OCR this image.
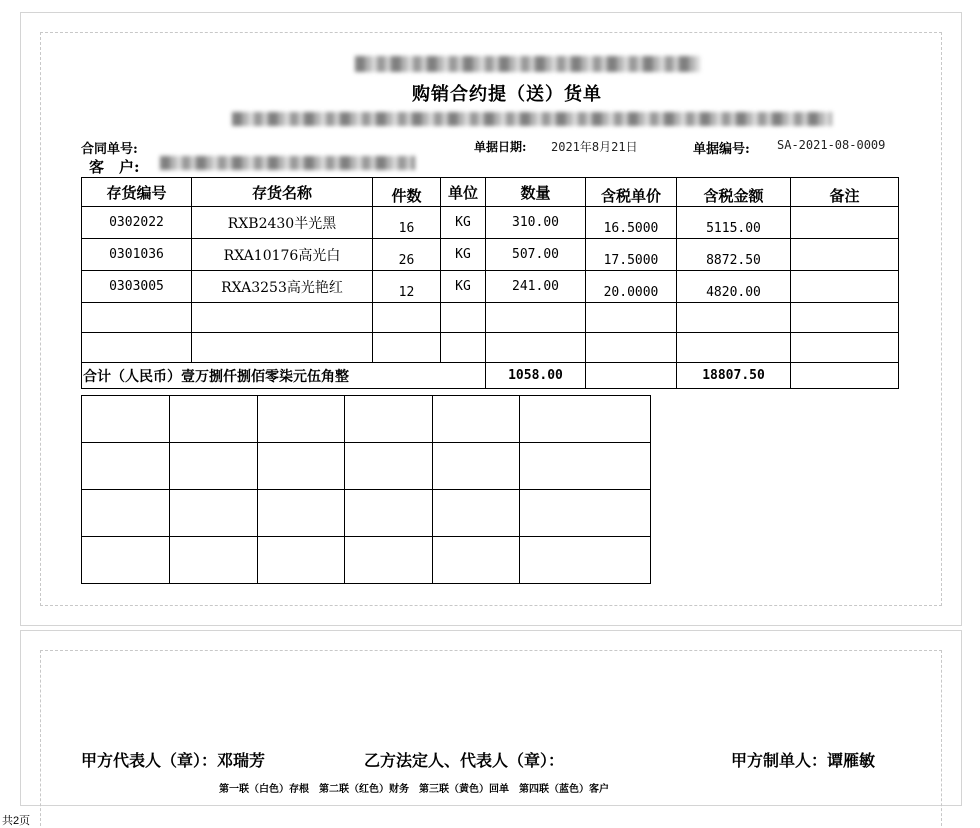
购销合约提（送）货单
合同单号:	单据日期: 2021年8月21日	单据编号: SA-2021-08-0009
客　户:
存货编号	存货名称	件数	单位	数量	含税单价	含税金额	备注
0302022	RXB2430半光黑	16	KG	310.00	16.5000	5115.00	
0301036	RXA10176高光白	26	KG	507.00	17.5000	8872.50	
0303005	RXA3253高光艳红	12	KG	241.00	20.0000	4820.00	

合计（人民币）壹万捌仟捌佰零柒元伍角整				1058.00		18807.50	

甲方代表人（章）：邓瑞芳	乙方法定人、代表人（章）：	甲方制单人：谭雁敏
第一联（白色）存根　第二联（红色）财务　第三联（黄色）回单　第四联（蓝色）客户
共2页
